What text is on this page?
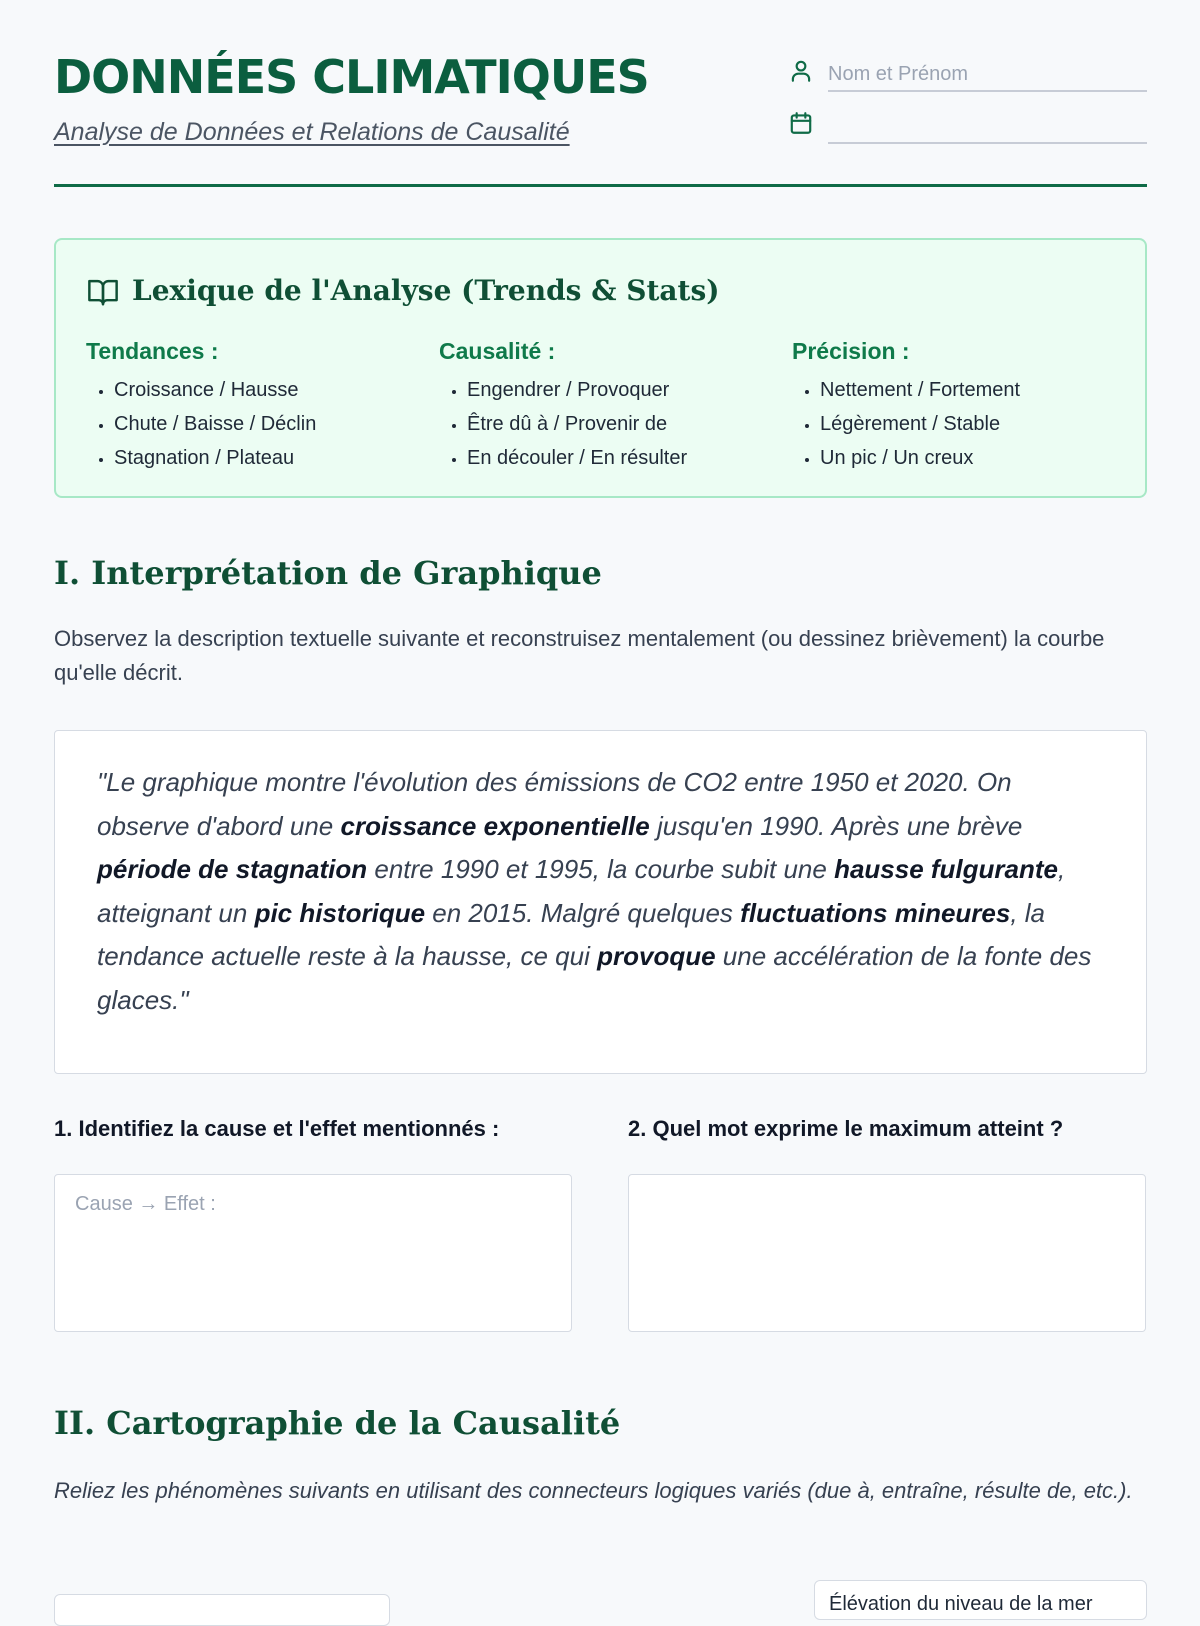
DONNÉES CLIMATIQUES

Analyse de Données et Relations de Causalité

Nom et Prénom
Lexique de l'Analyse (Trends & Stats)
Tendances :
• Croissance / Hausse
• Chute / Baisse / Déclin
• Stagnation / Plateau
Causalité :
• Engendrer / Provoquer
• Être dû à / Provenir de
• En découler / En résulter
Précision :
• Nettement / Fortement
• Légèrement / Stable
• Un pic / Un creux
I. Interprétation de Graphique

Observez la description textuelle suivante et reconstruisez mentalement (ou dessinez brièvement) la courbe qu'elle décrit.

"Le graphique montre l'évolution des émissions de CO2 entre 1950 et 2020. On observe d'abord une croissance exponentielle jusqu'en 1990. Après une brève période de stagnation entre 1990 et 1995, la courbe subit une hausse fulgurante, atteignant un pic historique en 2015. Malgré quelques fluctuations mineures, la tendance actuelle reste à la hausse, ce qui provoque une accélération de la fonte des glaces."

1. Identifiez la cause et l'effet mentionnés :	2. Quel mot exprime le maximum atteint ?

Cause → Effet :
II. Cartographie de la Causalité

Reliez les phénomènes suivants en utilisant des connecteurs logiques variés (due à, entraîne, résulte de, etc.).

Élévation du niveau de la mer
